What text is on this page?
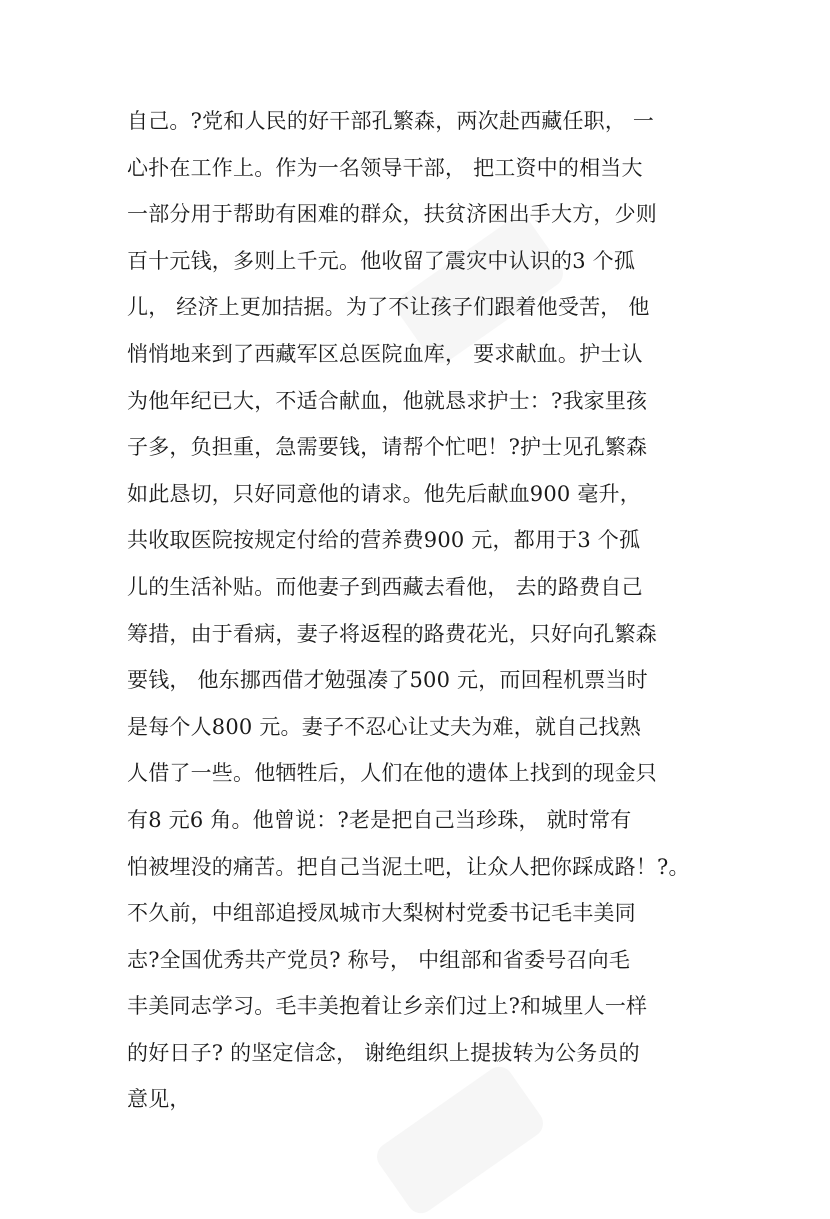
自己。?党和人民的好干部孔繁森，两次赴西藏任职， 一
心扑在工作上。作为一名领导干部， 把工资中的相当大
一部分用于帮助有困难的群众，扶贫济困出手大方，少则
百十元钱，多则上千元。他收留了震灾中认识的3 个孤
儿， 经济上更加拮据。为了不让孩子们跟着他受苦， 他
悄悄地来到了西藏军区总医院血库， 要求献血。护士认
为他年纪已大，不适合献血，他就恳求护士：?我家里孩
子多，负担重，急需要钱，请帮个忙吧！?护士见孔繁森
如此恳切，只好同意他的请求。他先后献血900 毫升，
共收取医院按规定付给的营养费900 元，都用于3 个孤
儿的生活补贴。而他妻子到西藏去看他， 去的路费自己
筹措，由于看病，妻子将返程的路费花光，只好向孔繁森
要钱， 他东挪西借才勉强凑了500 元，而回程机票当时
是每个人800 元。妻子不忍心让丈夫为难，就自己找熟
人借了一些。他牺牲后，人们在他的遗体上找到的现金只
有8 元6 角。他曾说：?老是把自己当珍珠， 就时常有
怕被埋没的痛苦。把自己当泥土吧，让众人把你踩成路！?。
不久前，中组部追授凤城市大梨树村党委书记毛丰美同
志?全国优秀共产党员? 称号， 中组部和省委号召向毛
丰美同志学习。毛丰美抱着让乡亲们过上?和城里人一样
的好日子? 的坚定信念， 谢绝组织上提拔转为公务员的
意见，
